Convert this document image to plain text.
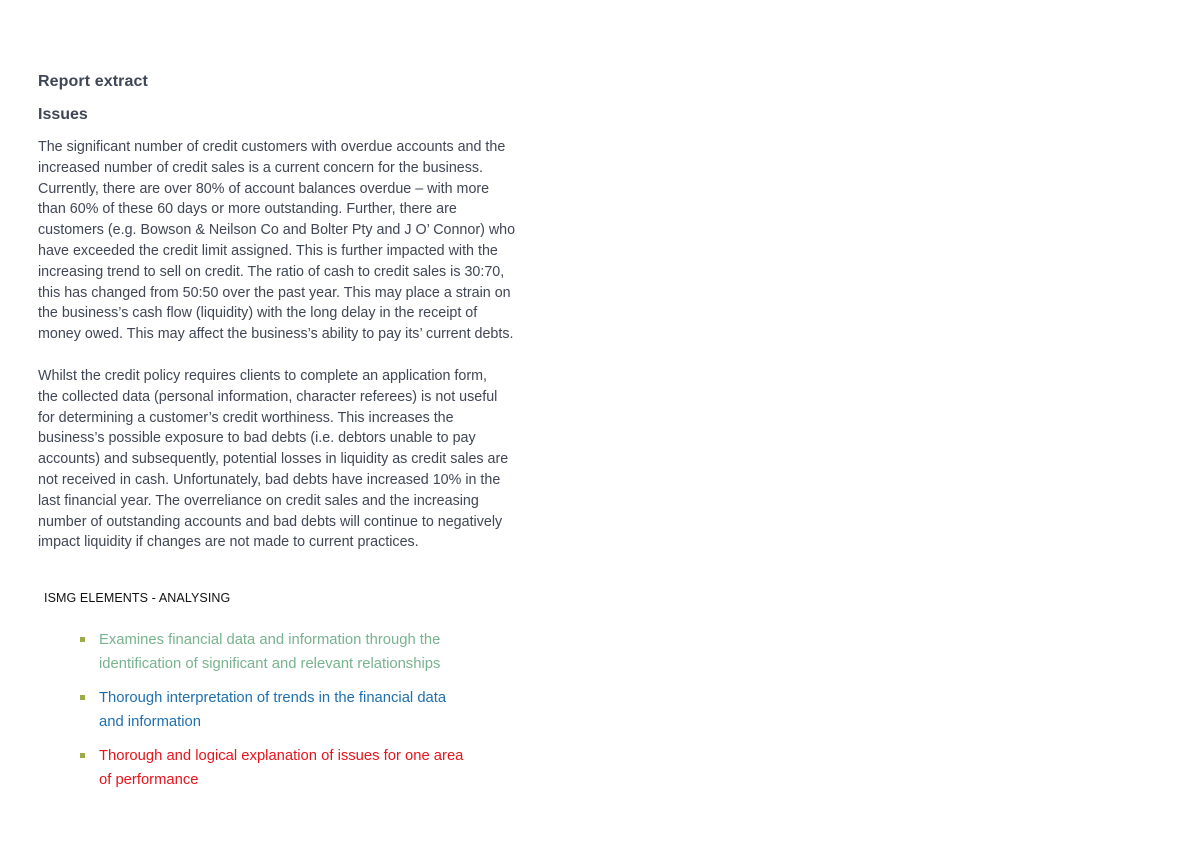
Report extract
Issues

The significant number of credit customers with overdue accounts and the
increased number of credit sales is a current concern for the business.
Currently, there are over 80% of account balances overdue – with more
than 60% of these 60 days or more outstanding. Further, there are
customers (e.g. Bowson & Neilson Co and Bolter Pty and J O’ Connor) who
have exceeded the credit limit assigned. This is further impacted with the
increasing trend to sell on credit. The ratio of cash to credit sales is 30:70,
this has changed from 50:50 over the past year. This may place a strain on
the business’s cash flow (liquidity) with the long delay in the receipt of
money owed. This may affect the business’s ability to pay its’ current debts.

Whilst the credit policy requires clients to complete an application form,
the collected data (personal information, character referees) is not useful
for determining a customer’s credit worthiness. This increases the
business’s possible exposure to bad debts (i.e. debtors unable to pay
accounts) and subsequently, potential losses in liquidity as credit sales are
not received in cash. Unfortunately, bad debts have increased 10% in the
last financial year. The overreliance on credit sales and the increasing
number of outstanding accounts and bad debts will continue to negatively
impact liquidity if changes are not made to current practices.

ISMG ELEMENTS - ANALYSING
Examines financial data and information through the
identification of significant and relevant relationships
Thorough interpretation of trends in the financial data
and information
Thorough and logical explanation of issues for one area
of performance
